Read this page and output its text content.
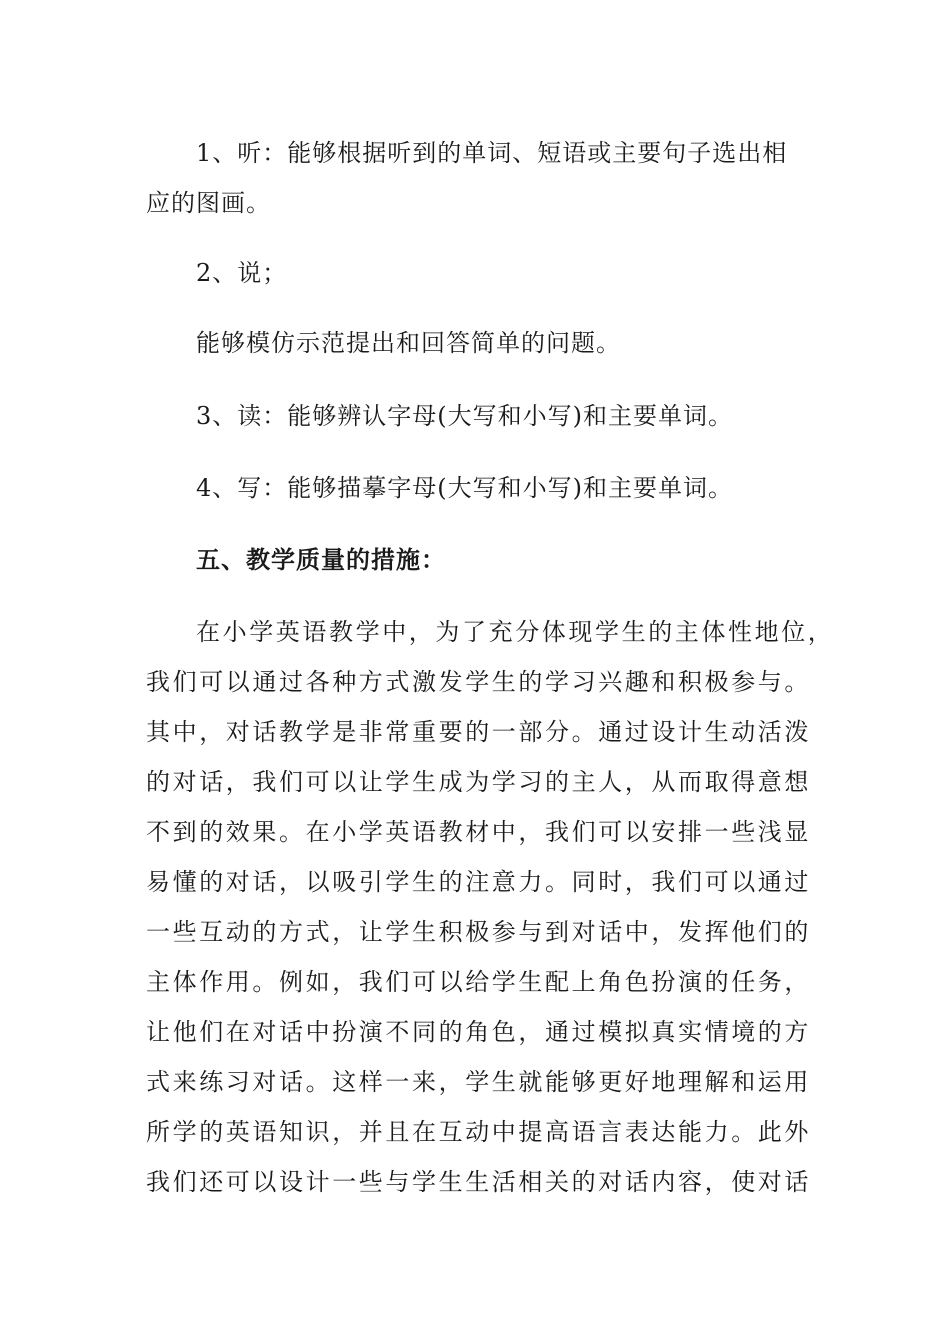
1、听：能够根据听到的单词、短语或主要句子选出相
应的图画。
2、说；
能够模仿示范提出和回答简单的问题。
3、读：能够辨认字母(大写和小写)和主要单词。
4、写：能够描摹字母(大写和小写)和主要单词。
五、教学质量的措施：
在小学英语教学中，为了充分体现学生的主体性地位，
我们可以通过各种方式激发学生的学习兴趣和积极参与。
其中，对话教学是非常重要的一部分。通过设计生动活泼
的对话，我们可以让学生成为学习的主人，从而取得意想
不到的效果。在小学英语教材中，我们可以安排一些浅显
易懂的对话，以吸引学生的注意力。同时，我们可以通过
一些互动的方式，让学生积极参与到对话中，发挥他们的
主体作用。例如，我们可以给学生配上角色扮演的任务，
让他们在对话中扮演不同的角色，通过模拟真实情境的方
式来练习对话。这样一来，学生就能够更好地理解和运用
所学的英语知识，并且在互动中提高语言表达能力。此外
我们还可以设计一些与学生生活相关的对话内容，使对话
